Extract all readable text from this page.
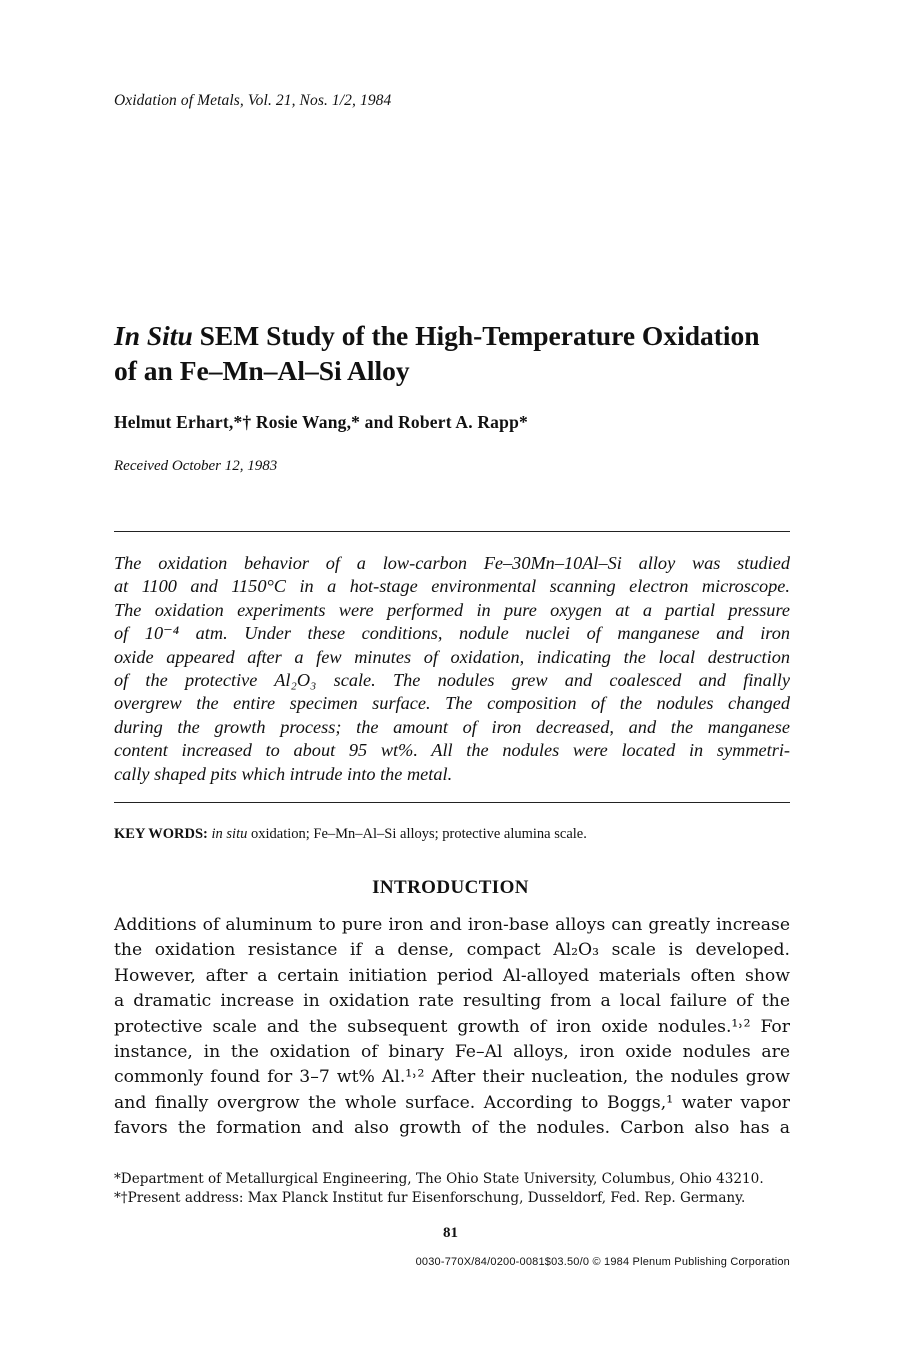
Oxidation of Metals, Vol. 21, Nos. 1/2, 1984
In Situ SEM Study of the High-Temperature Oxidation
of an Fe–Mn–Al–Si Alloy
Helmut Erhart,*† Rosie Wang,* and Robert A. Rapp*
Received October 12, 1983
The oxidation behavior of a low-carbon Fe–30Mn–10Al–Si alloy was studied
at 1100 and 1150°C in a hot-stage environmental scanning electron microscope.
The oxidation experiments were performed in pure oxygen at a partial pressure
of 10⁻⁴ atm. Under these conditions, nodule nuclei of manganese and iron
oxide appeared after a few minutes of oxidation, indicating the local destruction
of the protective Al₂O₃ scale. The nodules grew and coalesced and finally
overgrew the entire specimen surface. The composition of the nodules changed
during the growth process; the amount of iron decreased, and the manganese
content increased to about 95 wt%. All the nodules were located in symmetri-
cally shaped pits which intrude into the metal.
KEY WORDS: in situ oxidation; Fe–Mn–Al–Si alloys; protective alumina scale.
INTRODUCTION
Additions of aluminum to pure iron and iron-base alloys can greatly increase
the oxidation resistance if a dense, compact Al₂O₃ scale is developed.
However, after a certain initiation period Al-alloyed materials often show
a dramatic increase in oxidation rate resulting from a local failure of the
protective scale and the subsequent growth of iron oxide nodules.¹˒² For
instance, in the oxidation of binary Fe–Al alloys, iron oxide nodules are
commonly found for 3–7 wt% Al.¹˒² After their nucleation, the nodules grow
and finally overgrow the whole surface. According to Boggs,¹ water vapor
favors the formation and also growth of the nodules. Carbon also has a
*Department of Metallurgical Engineering, The Ohio State University, Columbus, Ohio 43210.
*†Present address: Max Planck Institut fur Eisenforschung, Dusseldorf, Fed. Rep. Germany.
81
0030-770X/84/0200-0081$03.50/0 © 1984 Plenum Publishing Corporation
